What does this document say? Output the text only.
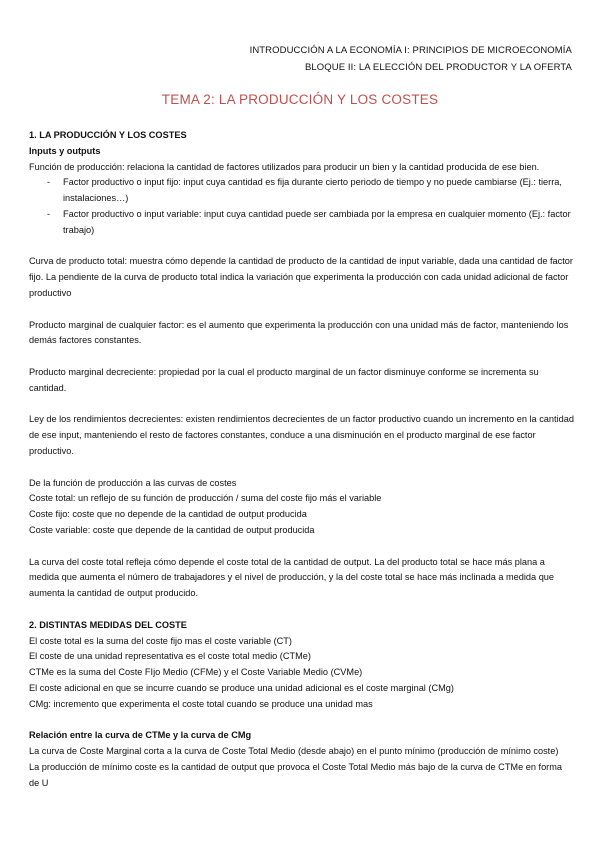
INTRODUCCIÓN A LA ECONOMÍA I: PRINCIPIOS DE MICROECONOMÍA
BLOQUE II: LA ELECCIÓN DEL PRODUCTOR Y LA OFERTA
TEMA 2: LA PRODUCCIÓN Y LOS COSTES

1. LA PRODUCCIÓN Y LOS COSTES

Inputs y outputs

Función de producción: relaciona la cantidad de factores utilizados para producir un bien y la cantidad producida de ese bien.

- Factor productivo o input fijo: input cuya cantidad es fija durante cierto periodo de tiempo y no puede cambiarse (Ej.: tierra, instalaciones…)

- Factor productivo o input variable: input cuya cantidad puede ser cambiada por la empresa en cualquier momento (Ej.: factor trabajo)

Curva de producto total: muestra cómo depende la cantidad de producto de la cantidad de input variable, dada una cantidad de factor fijo. La pendiente de la curva de producto total indica la variación que experimenta la producción con cada unidad adicional de factor productivo

Producto marginal de cualquier factor: es el aumento que experimenta la producción con una unidad más de factor, manteniendo los demás factores constantes.

Producto marginal decreciente: propiedad por la cual el producto marginal de un factor disminuye conforme se incrementa su cantidad.

Ley de los rendimientos decrecientes: existen rendimientos decrecientes de un factor productivo cuando un incremento en la cantidad de ese input, manteniendo el resto de factores constantes, conduce a una disminución en el producto marginal de ese factor productivo.

De la función de producción a las curvas de costes

Coste total: un reflejo de su función de producción / suma del coste fijo más el variable

Coste fijo: coste que no depende de la cantidad de output producida

Coste variable: coste que depende de la cantidad de output producida

La curva del coste total refleja cómo depende el coste total de la cantidad de output. La del producto total se hace más plana a medida que aumenta el número de trabajadores y el nivel de producción, y la del coste total se hace más inclinada a medida que aumenta la cantidad de output producido.

2. DISTINTAS MEDIDAS DEL COSTE

El coste total es la suma del coste fijo mas el coste variable (CT)

El coste de una unidad representativa es el coste total medio (CTMe)

CTMe es la suma del Coste FIjo Medio (CFMe) y el Coste Variable Medio (CVMe)

El coste adicional en que se incurre cuando se produce una unidad adicional es el coste marginal (CMg)

CMg: incremento que experimenta el coste total cuando se produce una unidad mas

Relación entre la curva de CTMe y la curva de CMg

La curva de Coste Marginal corta a la curva de Coste Total Medio (desde abajo) en el punto mínimo (producción de mínimo coste)

La producción de mínimo coste es la cantidad de output que provoca el Coste Total Medio más bajo de la curva de CTMe en forma de U
